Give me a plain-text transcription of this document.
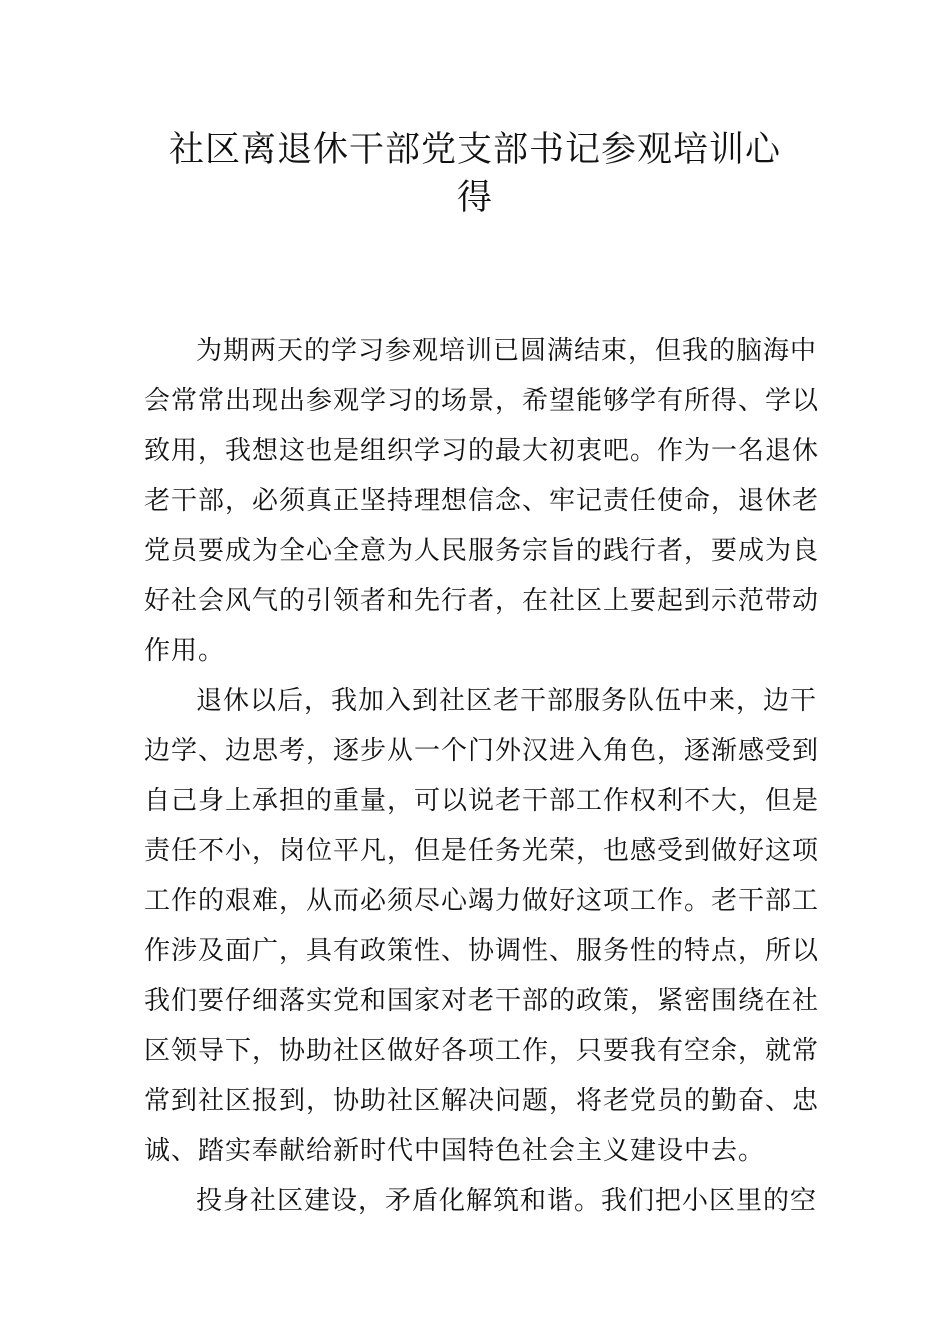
社区离退休干部党支部书记参观培训心
得
为期两天的学习参观培训已圆满结束，但我的脑海中
会常常出现出参观学习的场景，希望能够学有所得、学以
致用，我想这也是组织学习的最大初衷吧。作为一名退休
老干部，必须真正坚持理想信念、牢记责任使命，退休老
党员要成为全心全意为人民服务宗旨的践行者，要成为良
好社会风气的引领者和先行者，在社区上要起到示范带动
作用。
退休以后，我加入到社区老干部服务队伍中来，边干
边学、边思考，逐步从一个门外汉进入角色，逐渐感受到
自己身上承担的重量，可以说老干部工作权利不大，但是
责任不小，岗位平凡，但是任务光荣，也感受到做好这项
工作的艰难，从而必须尽心竭力做好这项工作。老干部工
作涉及面广，具有政策性、协调性、服务性的特点，所以
我们要仔细落实党和国家对老干部的政策，紧密围绕在社
区领导下，协助社区做好各项工作，只要我有空余，就常
常到社区报到，协助社区解决问题，将老党员的勤奋、忠
诚、踏实奉献给新时代中国特色社会主义建设中去。
投身社区建设，矛盾化解筑和谐。我们把小区里的空
